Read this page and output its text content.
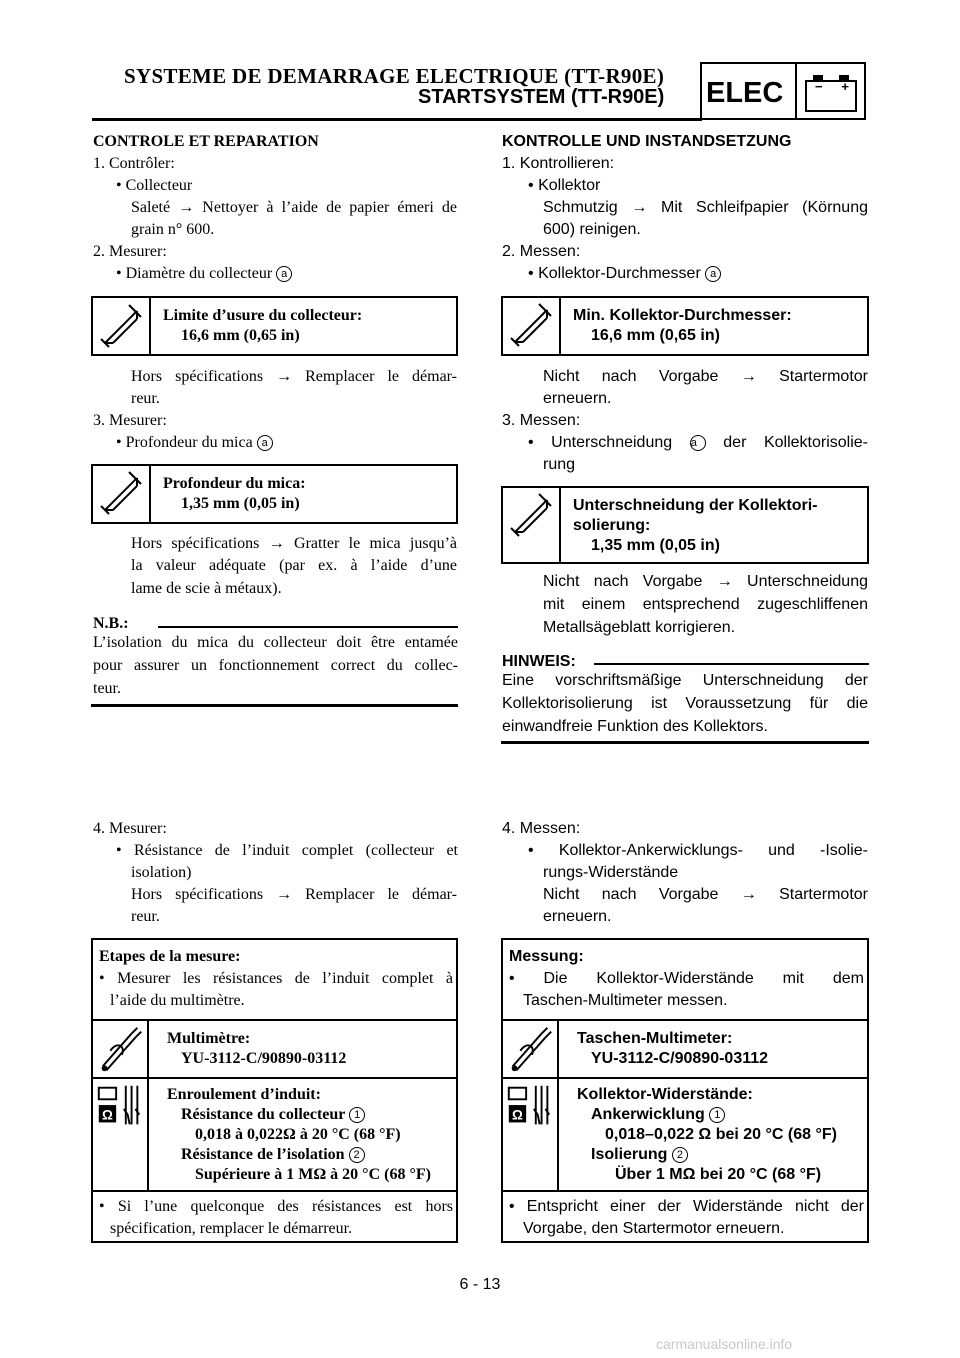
SYSTEME DE DEMARRAGE ELECTRIQUE (TT-R90E)
STARTSYSTEM (TT-R90E) ELEC − +
CONTROLE ET REPARATION
1. Contrôler:
• Collecteur
Saleté → Nettoyer à l’aide de papier émeri de
grain n° 600.
2. Mesurer:
• Diamètre du collecteur a
Limite d’usure du collecteur:
16,6 mm (0,65 in)
Hors spécifications → Remplacer le démar-
reur.
3. Mesurer:
• Profondeur du mica a
Profondeur du mica:
1,35 mm (0,05 in)
Hors spécifications → Gratter le mica jusqu’à
la valeur adéquate (par ex. à l’aide d’une
lame de scie à métaux).
N.B.:
L’isolation du mica du collecteur doit être entamée
pour assurer un fonctionnement correct du collec-
teur.
4. Mesurer:
• Résistance de l’induit complet (collecteur et
isolation)
Hors spécifications → Remplacer le démar-
reur.
Etapes de la mesure:
• Mesurer les résistances de l’induit complet à
l’aide du multimètre.
Multimètre:
YU-3112-C/90890-03112
Enroulement d’induit:
Résistance du collecteur 1
0,018 à 0,022Ω à 20 °C (68 °F)
Résistance de l’isolation 2
Supérieure à 1 MΩ à 20 °C (68 °F)
• Si l’une quelconque des résistances est hors
spécification, remplacer le démarreur.
KONTROLLE UND INSTANDSETZUNG
1. Kontrollieren:
• Kollektor
Schmutzig → Mit Schleifpapier (Körnung
600) reinigen.
2. Messen:
• Kollektor-Durchmesser a
Min. Kollektor-Durchmesser:
16,6 mm (0,65 in)
Nicht nach Vorgabe → Startermotor
erneuern.
3. Messen:
• Unterschneidung a der Kollektorisolie-
rung
Unterschneidung der Kollektori-
solierung:
1,35 mm (0,05 in)
Nicht nach Vorgabe → Unterschneidung
mit einem entsprechend zugeschliffenen
Metallsägeblatt korrigieren.
HINWEIS:
Eine vorschriftsmäßige Unterschneidung der
Kollektorisolierung ist Voraussetzung für die
einwandfreie Funktion des Kollektors.
4. Messen:
• Kollektor-Ankerwicklungs- und -Isolie-
rungs-Widerstände
Nicht nach Vorgabe → Startermotor
erneuern.
Messung:
• Die Kollektor-Widerstände mit dem
Taschen-Multimeter messen.
Taschen-Multimeter:
YU-3112-C/90890-03112
Kollektor-Widerstände:
Ankerwicklung 1
0,018–0,022 Ω bei 20 °C (68 °F)
Isolierung 2
Über 1 MΩ bei 20 °C (68 °F)
• Entspricht einer der Widerstände nicht der
Vorgabe, den Startermotor erneuern.
6 - 13
carmanualsonline.info
